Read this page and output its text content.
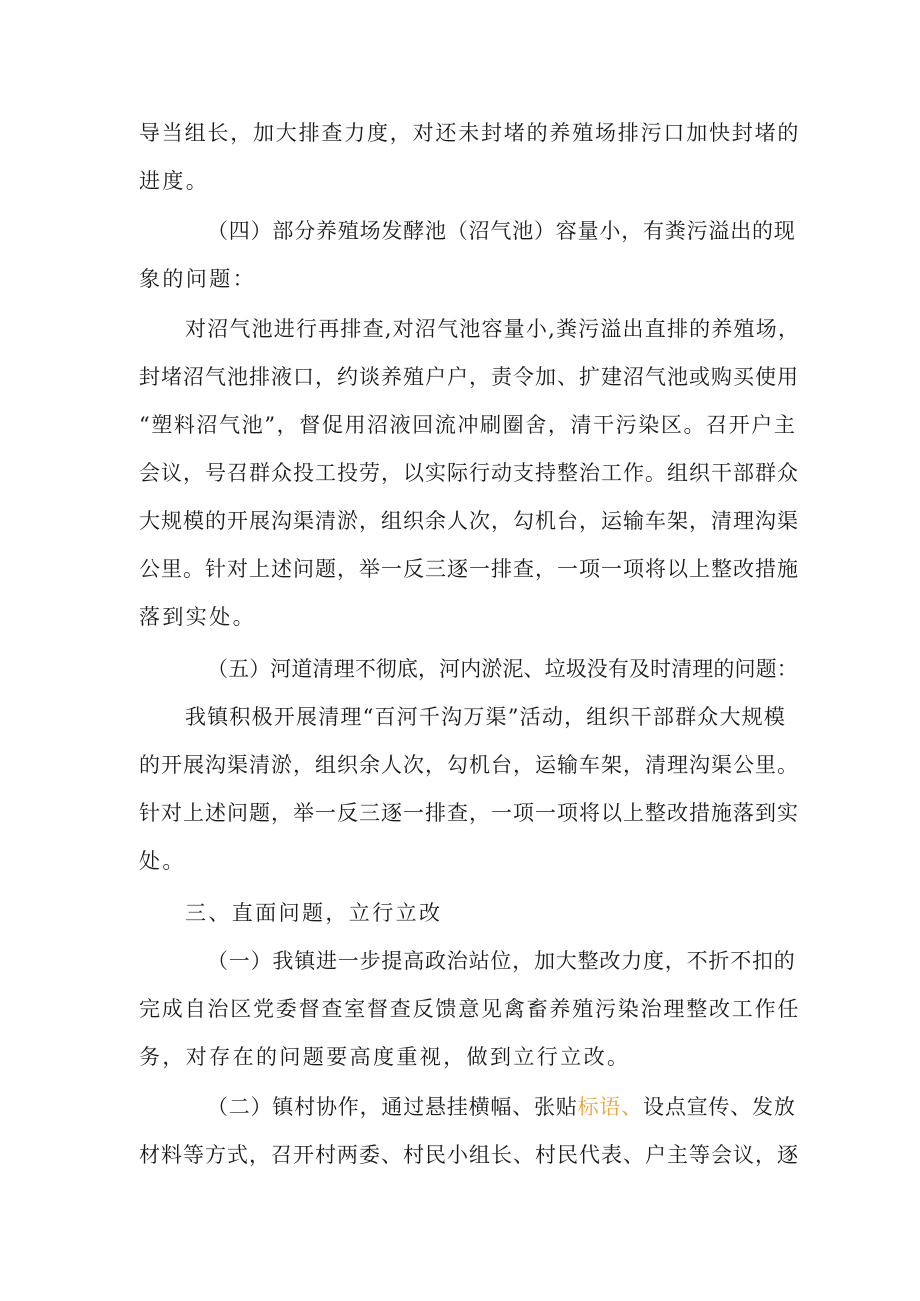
导当组长，加大排查力度，对还未封堵的养殖场排污口加快封堵的
进度。
（四）部分养殖场发酵池（沼气池）容量小，有粪污溢出的现
象的问题：
对沼气池进行再排查,对沼气池容量小,粪污溢出直排的养殖场，
封堵沼气池排液口，约谈养殖户户，责令加、扩建沼气池或购买使用
“塑料沼气池”，督促用沼液回流冲刷圈舍，清干污染区。召开户主
会议，号召群众投工投劳，以实际行动支持整治工作。组织干部群众
大规模的开展沟渠清淤，组织余人次，勾机台，运输车架，清理沟渠
公里。针对上述问题，举一反三逐一排查，一项一项将以上整改措施
落到实处。
（五）河道清理不彻底，河内淤泥、垃圾没有及时清理的问题：
我镇积极开展清理“百河千沟万渠”活动，组织干部群众大规模
的开展沟渠清淤，组织余人次，勾机台，运输车架，清理沟渠公里。
针对上述问题，举一反三逐一排查，一项一项将以上整改措施落到实
处。
三、直面问题，立行立改
（一）我镇进一步提高政治站位，加大整改力度，不折不扣的
完成自治区党委督查室督查反馈意见禽畜养殖污染治理整改工作任
务，对存在的问题要高度重视，做到立行立改。
（二）镇村协作，通过悬挂横幅、张贴标语、设点宣传、发放
材料等方式，召开村两委、村民小组长、村民代表、户主等会议，逐
